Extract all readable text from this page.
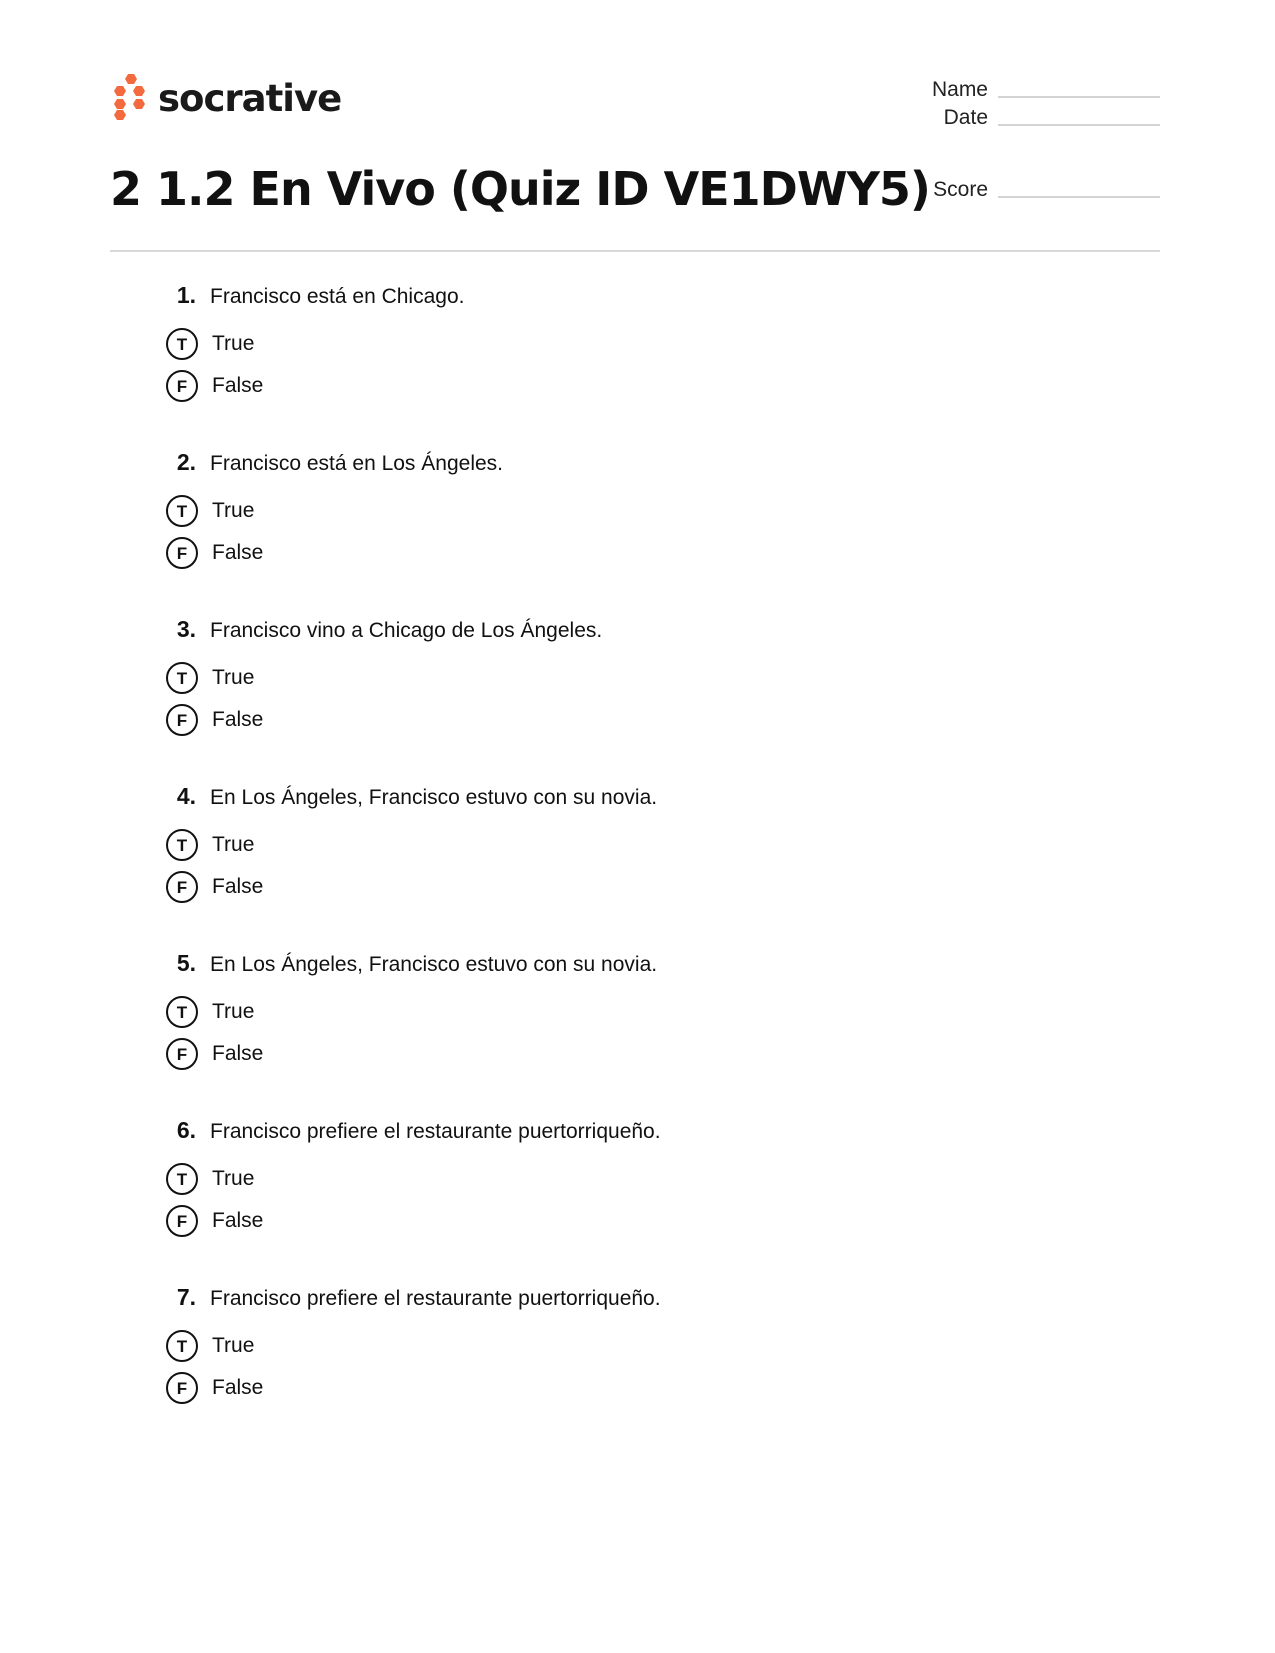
socrative
2 1.2 En Vivo (Quiz ID VE1DWY5)
Name
Date
Score
1. Francisco está en Chicago.
T	True
F	False
2. Francisco está en Los Ángeles.
T	True
F	False
3. Francisco vino a Chicago de Los Ángeles.
T	True
F	False
4. En Los Ángeles, Francisco estuvo con su novia.
T	True
F	False
5. En Los Ángeles, Francisco estuvo con su novia.
T	True
F	False
6. Francisco prefiere el restaurante puertorriqueño.
T	True
F	False
7. Francisco prefiere el restaurante puertorriqueño.
T	True
F	False
